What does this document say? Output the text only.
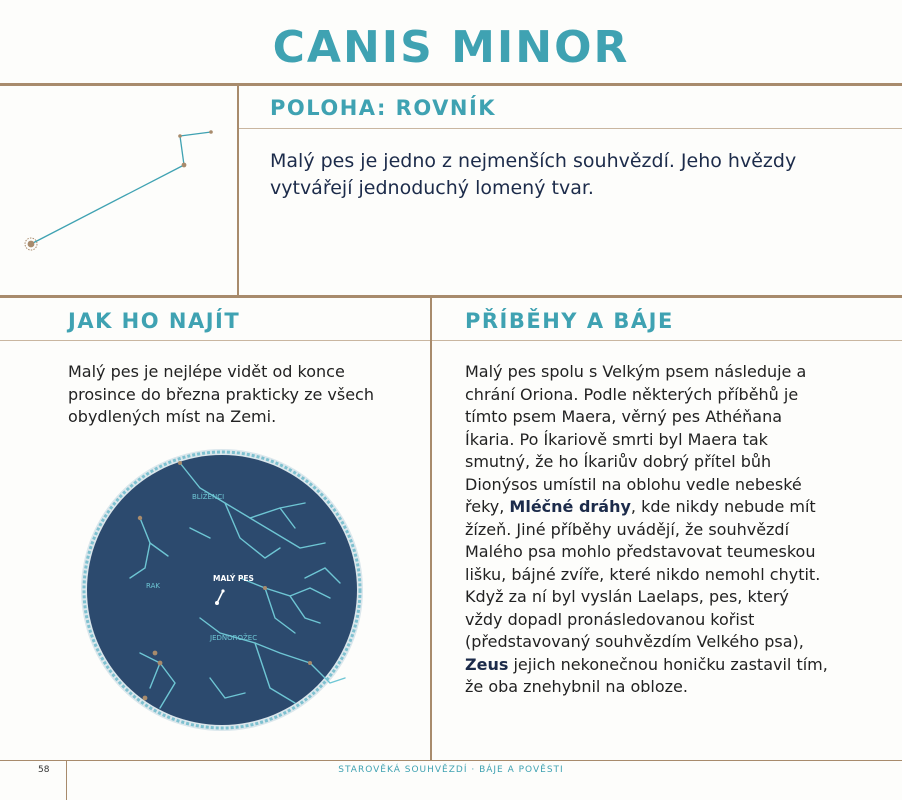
CANIS MINOR
POLOHA: ROVNÍK

Malý pes je jedno z nejmenších souhvězdí. Jeho hvězdy vytvářejí jednoduchý lomený tvar.

JAK HO NAJÍT

Malý pes je nejlépe vidět od konce prosince do března prakticky ze všech obydlených míst na Zemi.

BLÍŽENCI
RAK
MALÝ PES
JEDNOROŽEC
PŘÍBĚHY A BÁJE

Malý pes spolu s Velkým psem následuje a chrání Oriona. Podle některých příběhů je tímto psem Maera, věrný pes Athéňana Íkaria. Po Íkariově smrti byl Maera tak smutný, že ho Íkariův dobrý přítel bůh Dionýsos umístil na oblohu vedle nebeské řeky, Mléčné dráhy, kde nikdy nebude mít žízeň. Jiné příběhy uvádějí, že souhvězdí Malého psa mohlo představovat teumeskou lišku, bájné zvíře, které nikdo nemohl chytit. Když za ní byl vyslán Laelaps, pes, který vždy dopadl pronásledovanou kořist (představovaný souhvězdím Velkého psa), Zeus jejich nekonečnou honičku zastavil tím, že oba znehybnil na obloze.

58	STAROVĚKÁ SOUHVĚZDÍ · BÁJE A POVĚSTI
